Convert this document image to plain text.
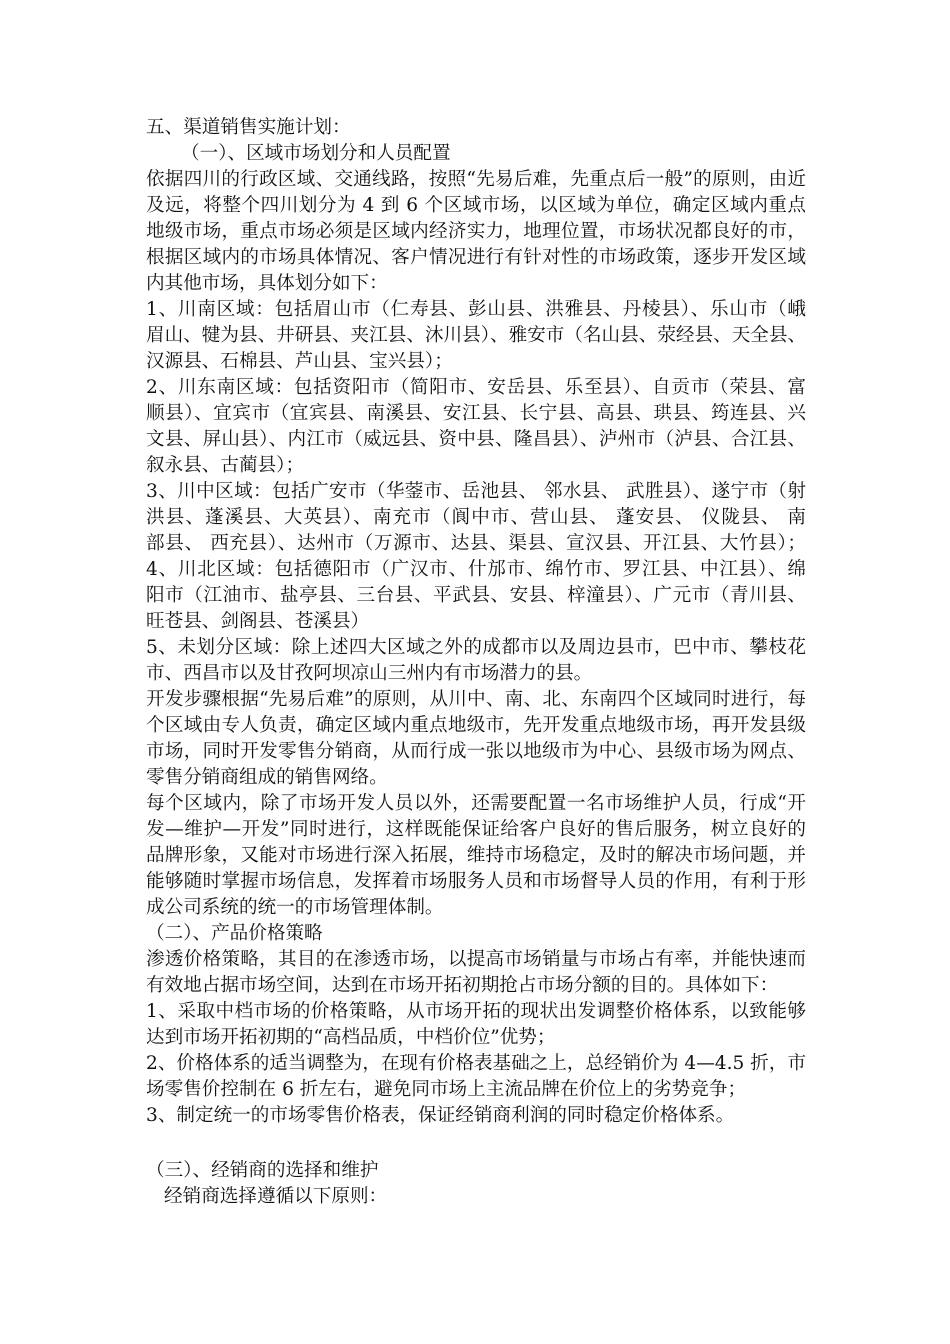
五、渠道销售实施计划：
（一）、区域市场划分和人员配置
依据四川的行政区域、交通线路，按照“先易后难，先重点后一般”的原则，由近
及远，将整个四川划分为 4 到 6 个区域市场，以区域为单位，确定区域内重点
地级市场，重点市场必须是区域内经济实力，地理位置，市场状况都良好的市，
根据区域内的市场具体情况、客户情况进行有针对性的市场政策，逐步开发区域
内其他市场，具体划分如下：
1、川南区域：包括眉山市（仁寿县、彭山县、洪雅县、丹棱县）、乐山市（峨
眉山、犍为县、井研县、夹江县、沐川县）、雅安市（名山县、荥经县、天全县、
汉源县、石棉县、芦山县、宝兴县）；
2、川东南区域：包括资阳市（简阳市、安岳县、乐至县）、自贡市（荣县、富
顺县）、宜宾市（宜宾县、南溪县、安江县、长宁县、高县、珙县、筠连县、兴
文县、屏山县）、内江市（威远县、资中县、隆昌县）、泸州市（泸县、合江县、
叙永县、古蔺县）；
3、川中区域：包括广安市（华蓥市、岳池县、 邻水县、 武胜县）、遂宁市（射
洪县、蓬溪县、大英县）、南充市（阆中市、营山县、 蓬安县、 仪陇县、 南
部县、 西充县）、达州市（万源市、达县、渠县、宣汉县、开江县、大竹县）；
4、川北区域：包括德阳市（广汉市、什邡市、绵竹市、罗江县、中江县）、绵
阳市（江油市、盐亭县、三台县、平武县、安县、梓潼县）、广元市（青川县、
旺苍县、剑阁县、苍溪县）
5、未划分区域：除上述四大区域之外的成都市以及周边县市，巴中市、攀枝花
市、西昌市以及甘孜阿坝凉山三州内有市场潜力的县。
开发步骤根据“先易后难”的原则，从川中、南、北、东南四个区域同时进行，每
个区域由专人负责，确定区域内重点地级市，先开发重点地级市场，再开发县级
市场，同时开发零售分销商，从而行成一张以地级市为中心、县级市场为网点、
零售分销商组成的销售网络。
每个区域内，除了市场开发人员以外，还需要配置一名市场维护人员，行成“开
发—维护—开发”同时进行，这样既能保证给客户良好的售后服务，树立良好的
品牌形象，又能对市场进行深入拓展，维持市场稳定，及时的解决市场问题，并
能够随时掌握市场信息，发挥着市场服务人员和市场督导人员的作用，有利于形
成公司系统的统一的市场管理体制。
（二）、产品价格策略
渗透价格策略，其目的在渗透市场，以提高市场销量与市场占有率，并能快速而
有效地占据市场空间，达到在市场开拓初期抢占市场分额的目的。具体如下：
1、采取中档市场的价格策略，从市场开拓的现状出发调整价格体系，以致能够
达到市场开拓初期的“高档品质，中档价位”优势；
2、价格体系的适当调整为，在现有价格表基础之上，总经销价为 4—4.5 折，市
场零售价控制在 6 折左右，避免同市场上主流品牌在价位上的劣势竞争；
3、制定统一的市场零售价格表，保证经销商利润的同时稳定价格体系。
（三）、经销商的选择和维护
经销商选择遵循以下原则：
